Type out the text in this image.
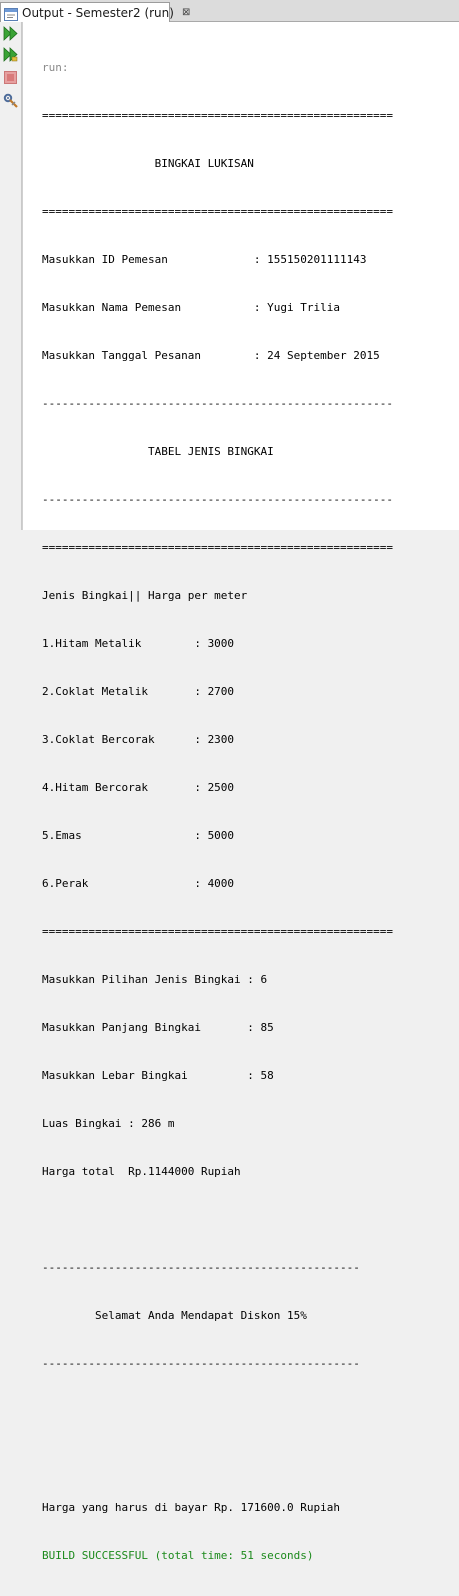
Output - Semester2 (run) ⊠

run:

=====================================================

BINGKAI LUKISAN

=====================================================

Masukkan ID Pemesan             : 155150201111143

Masukkan Nama Pemesan           : Yugi Trilia

Masukkan Tanggal Pesanan        : 24 September 2015

-----------------------------------------------------

TABEL JENIS BINGKAI

-----------------------------------------------------

=====================================================

Jenis Bingkai|| Harga per meter

1.Hitam Metalik        : 3000

2.Coklat Metalik       : 2700

3.Coklat Bercorak      : 2300

4.Hitam Bercorak       : 2500

5.Emas                 : 5000

6.Perak                : 4000

=====================================================

Masukkan Pilihan Jenis Bingkai : 6

Masukkan Panjang Bingkai       : 85

Masukkan Lebar Bingkai         : 58

Luas Bingkai : 286 m

Harga total  Rp.1144000 Rupiah

------------------------------------------------

Selamat Anda Mendapat Diskon 15%

------------------------------------------------

Harga yang harus di bayar Rp. 171600.0 Rupiah

BUILD SUCCESSFUL (total time: 51 seconds)
